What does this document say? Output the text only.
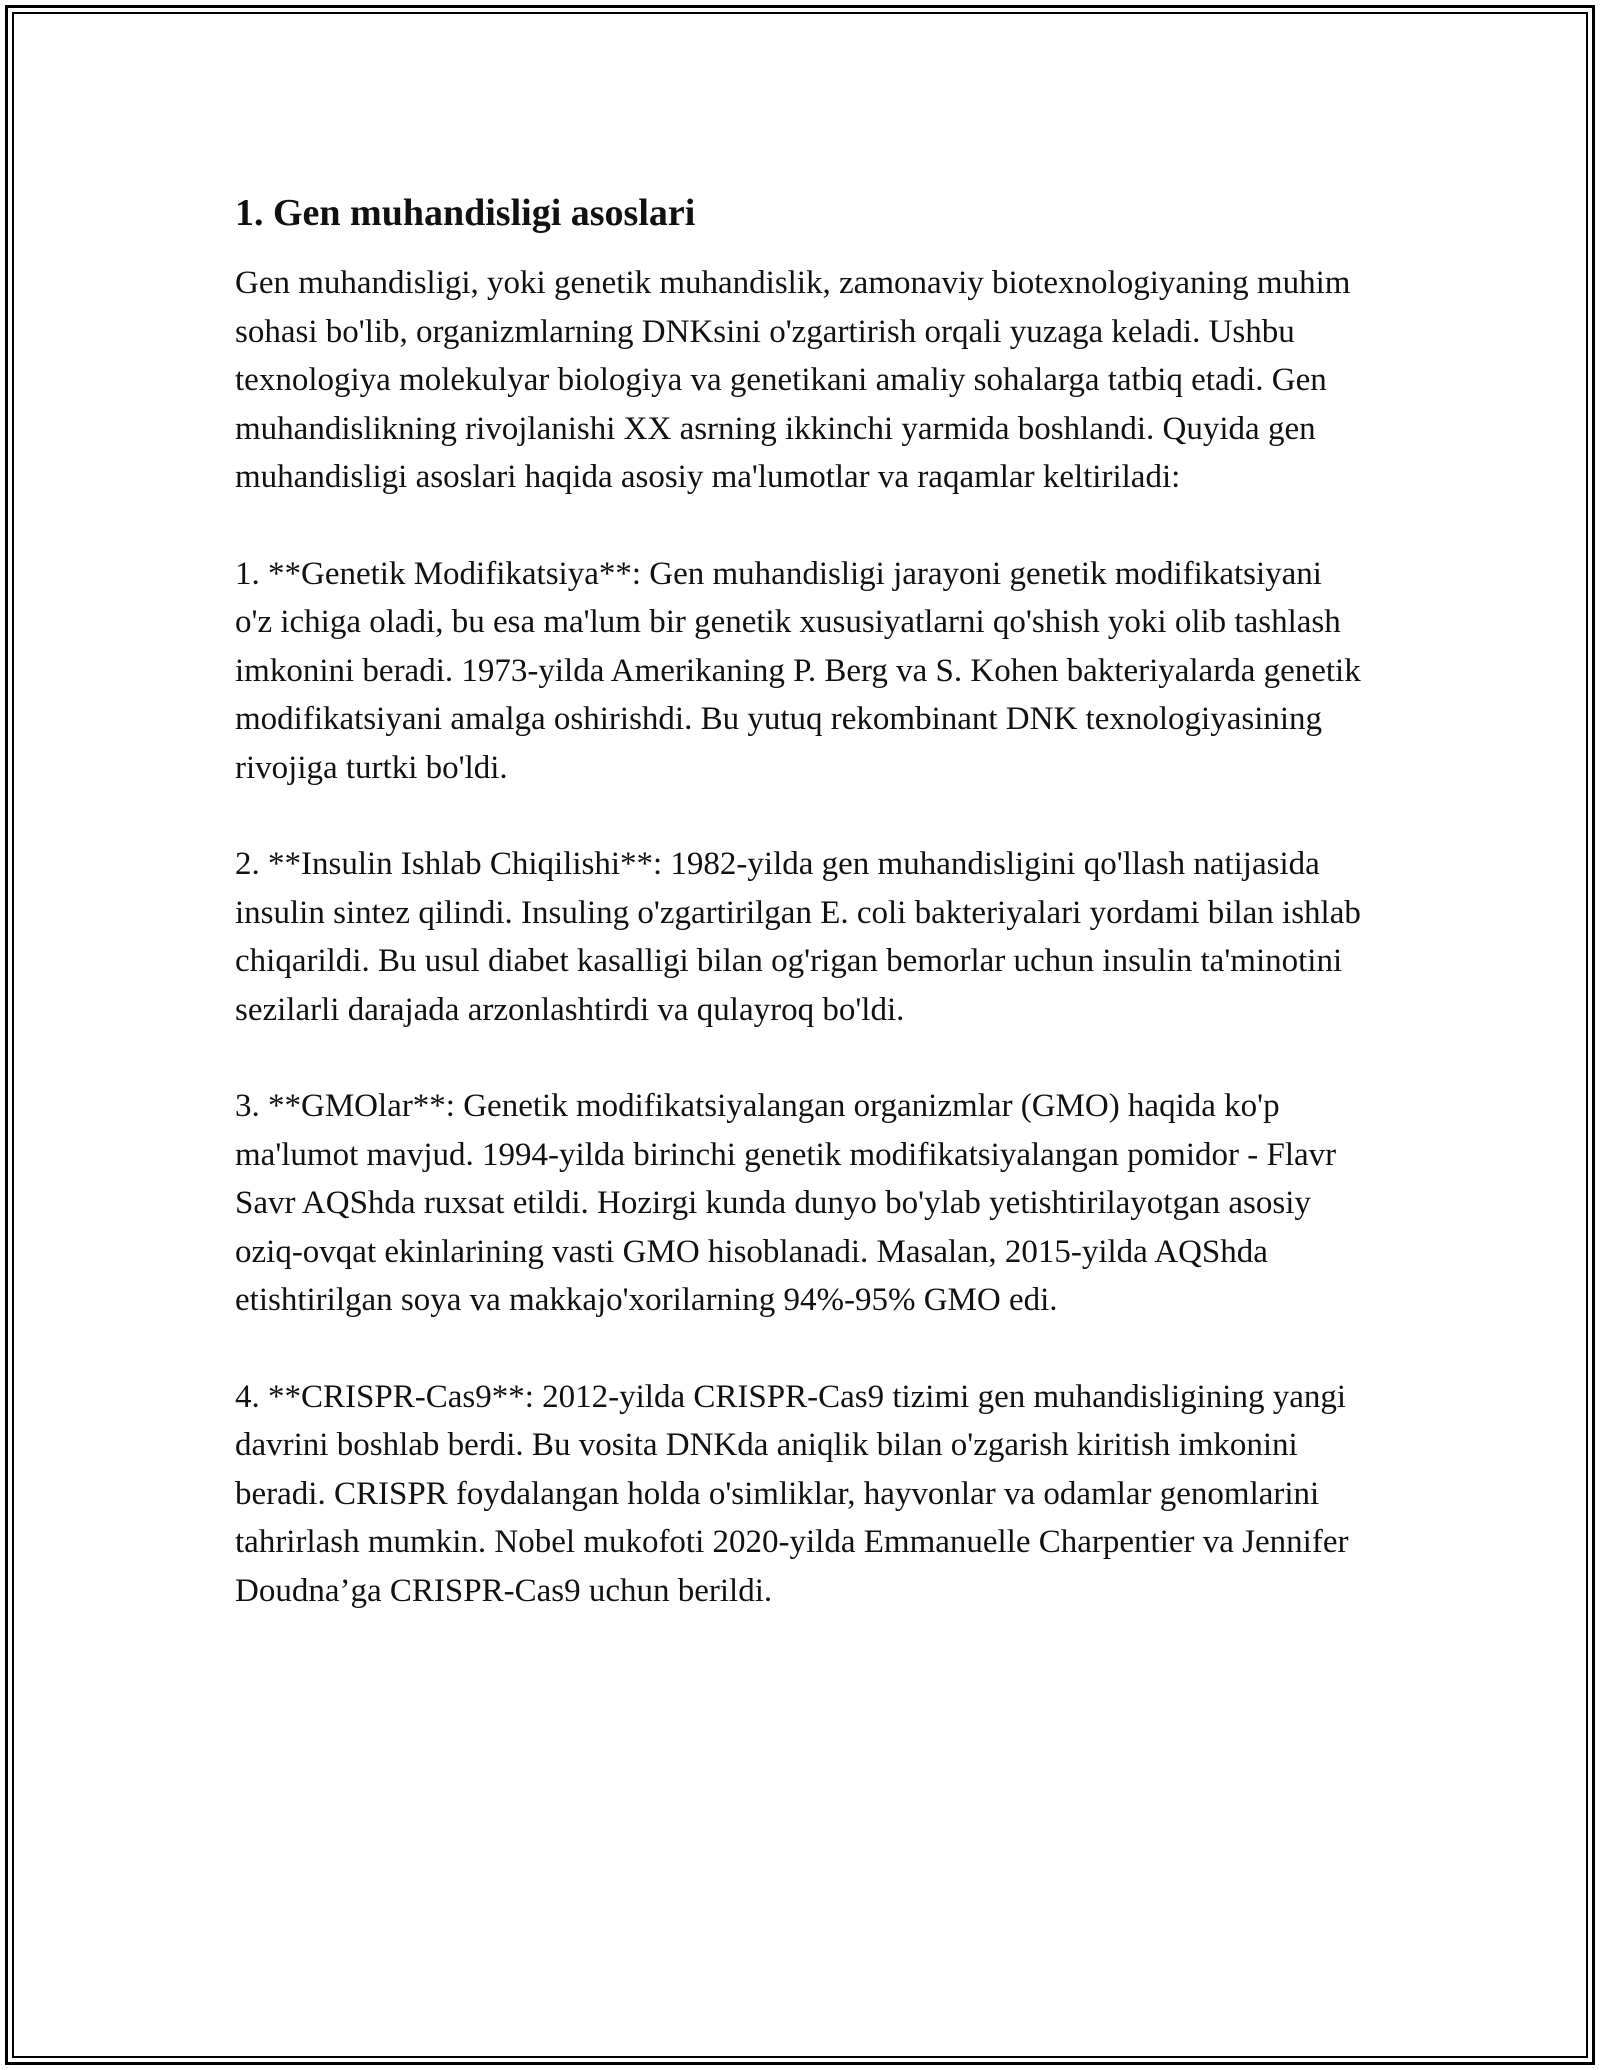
1. Gen muhandisligi asoslari

Gen muhandisligi, yoki genetik muhandislik, zamonaviy biotexnologiyaning muhim sohasi bo'lib, organizmlarning DNKsini o'zgartirish orqali yuzaga keladi. Ushbu texnologiya molekulyar biologiya va genetikani amaliy sohalarga tatbiq etadi. Gen muhandislikning rivojlanishi XX asrning ikkinchi yarmida boshlandi. Quyida gen muhandisligi asoslari haqida asosiy ma'lumotlar va raqamlar keltiriladi:

1. **Genetik Modifikatsiya**: Gen muhandisligi jarayoni genetik modifikatsiyani o'z ichiga oladi, bu esa ma'lum bir genetik xususiyatlarni qo'shish yoki olib tashlash imkonini beradi. 1973-yilda Amerikaning P. Berg va S. Kohen bakteriyalarda genetik modifikatsiyani amalga oshirishdi. Bu yutuq rekombinant DNK texnologiyasining rivojiga turtki bo'ldi.

2. **Insulin Ishlab Chiqilishi**: 1982-yilda gen muhandisligini qo'llash natijasida insulin sintez qilindi. Insuling o'zgartirilgan E. coli bakteriyalari yordami bilan ishlab chiqarildi. Bu usul diabet kasalligi bilan og'rigan bemorlar uchun insulin ta'minotini sezilarli darajada arzonlashtirdi va qulayroq bo'ldi.

3. **GMOlar**: Genetik modifikatsiyalangan organizmlar (GMO) haqida ko'p ma'lumot mavjud. 1994-yilda birinchi genetik modifikatsiyalangan pomidor - Flavr Savr AQShda ruxsat etildi. Hozirgi kunda dunyo bo'ylab yetishtirilayotgan asosiy oziq-ovqat ekinlarining vasti GMO hisoblanadi. Masalan, 2015-yilda AQShda etishtirilgan soya va makkajo'xorilarning 94%-95% GMO edi.

4. **CRISPR-Cas9**: 2012-yilda CRISPR-Cas9 tizimi gen muhandisligining yangi davrini boshlab berdi. Bu vosita DNKda aniqlik bilan o'zgarish kiritish imkonini beradi. CRISPR foydalangan holda o'simliklar, hayvonlar va odamlar genomlarini tahrirlash mumkin. Nobel mukofoti 2020-yilda Emmanuelle Charpentier va Jennifer Doudna’ga CRISPR-Cas9 uchun berildi.
